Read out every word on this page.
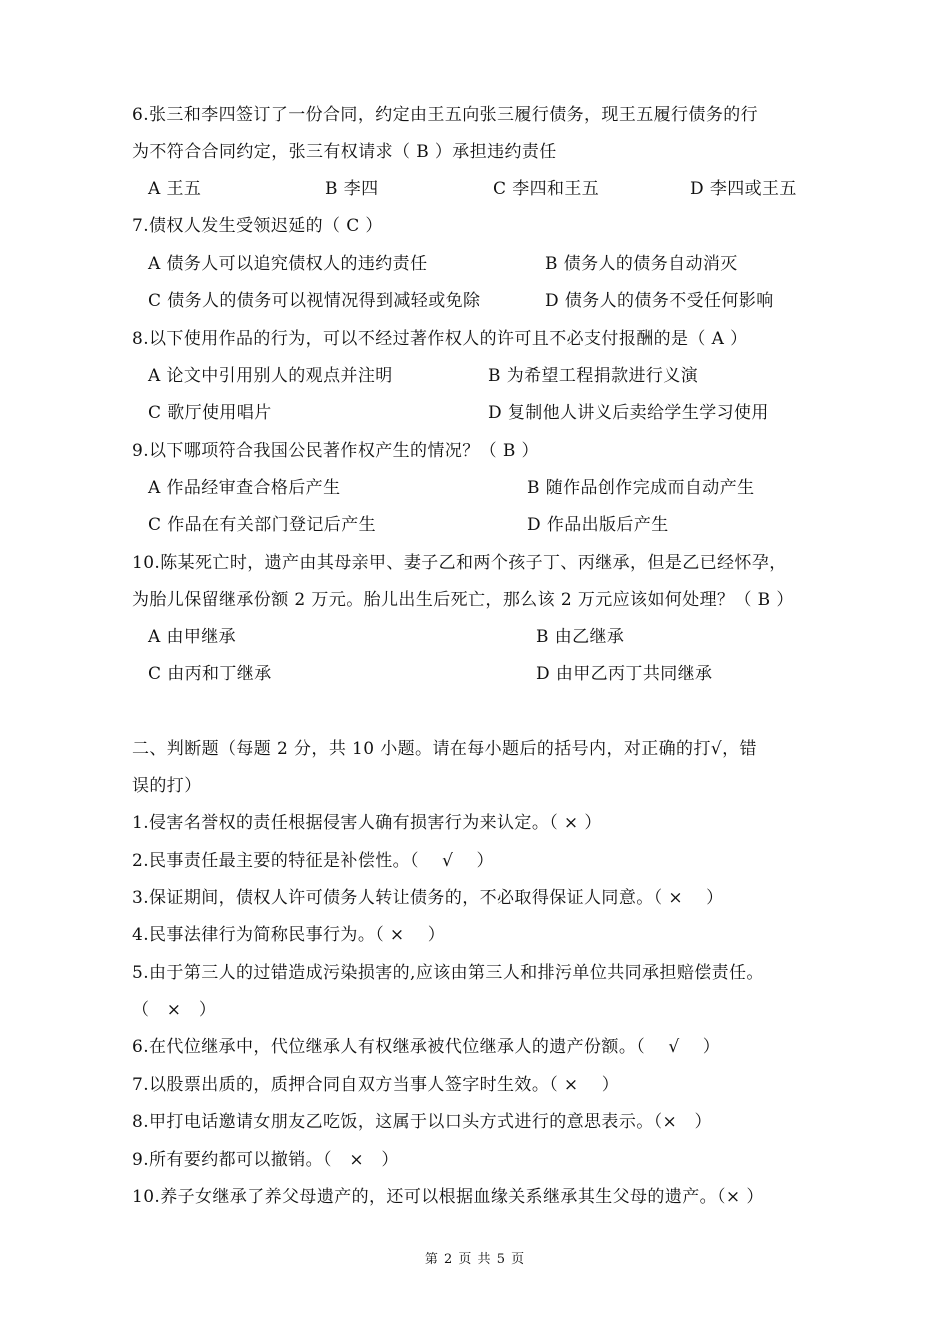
6.张三和李四签订了一份合同，约定由王五向张三履行债务，现王五履行债务的行
为不符合合同约定，张三有权请求（ B ）承担违约责任
A 王五	B 李四	C 李四和王五	D 李四或王五
7.债权人发生受领迟延的（ C ）
A 债务人可以追究债权人的违约责任	B 债务人的债务自动消灭
C 债务人的债务可以视情况得到减轻或免除	D 债务人的债务不受任何影响
8.以下使用作品的行为，可以不经过著作权人的许可且不必支付报酬的是（ A ）
A 论文中引用别人的观点并注明	B 为希望工程捐款进行义演
C 歌厅使用唱片	D 复制他人讲义后卖给学生学习使用
9.以下哪项符合我国公民著作权产生的情况？（ B ）
A 作品经审查合格后产生	B 随作品创作完成而自动产生
C 作品在有关部门登记后产生	D 作品出版后产生
10.陈某死亡时，遗产由其母亲甲、妻子乙和两个孩子丁、丙继承，但是乙已经怀孕，
为胎儿保留继承份额 2 万元。胎儿出生后死亡，那么该 2 万元应该如何处理？（ B ）
A 由甲继承	B 由乙继承
C 由丙和丁继承	D 由甲乙丙丁共同继承
二、判断题（每题 2 分，共 10 小题。请在每小题后的括号内，对正确的打√，错
误的打）
1.侵害名誉权的责任根据侵害人确有损害行为来认定。（ × ）
2.民事责任最主要的特征是补偿性。（　 √　 ）
3.保证期间，债权人许可债务人转让债务的，不必取得保证人同意。（ ×　 ）
4.民事法律行为简称民事行为。（ ×　 ）
5.由于第三人的过错造成污染损害的,应该由第三人和排污单位共同承担赔偿责任。
（　×　）
6.在代位继承中，代位继承人有权继承被代位继承人的遗产份额。（　 √　 ）
7.以股票出质的，质押合同自双方当事人签字时生效。（ ×　 ）
8.甲打电话邀请女朋友乙吃饭，这属于以口头方式进行的意思表示。（×　）
9.所有要约都可以撤销。（　×　）
10.养子女继承了养父母遗产的，还可以根据血缘关系继承其生父母的遗产。（× ）
第 2 页 共 5 页
